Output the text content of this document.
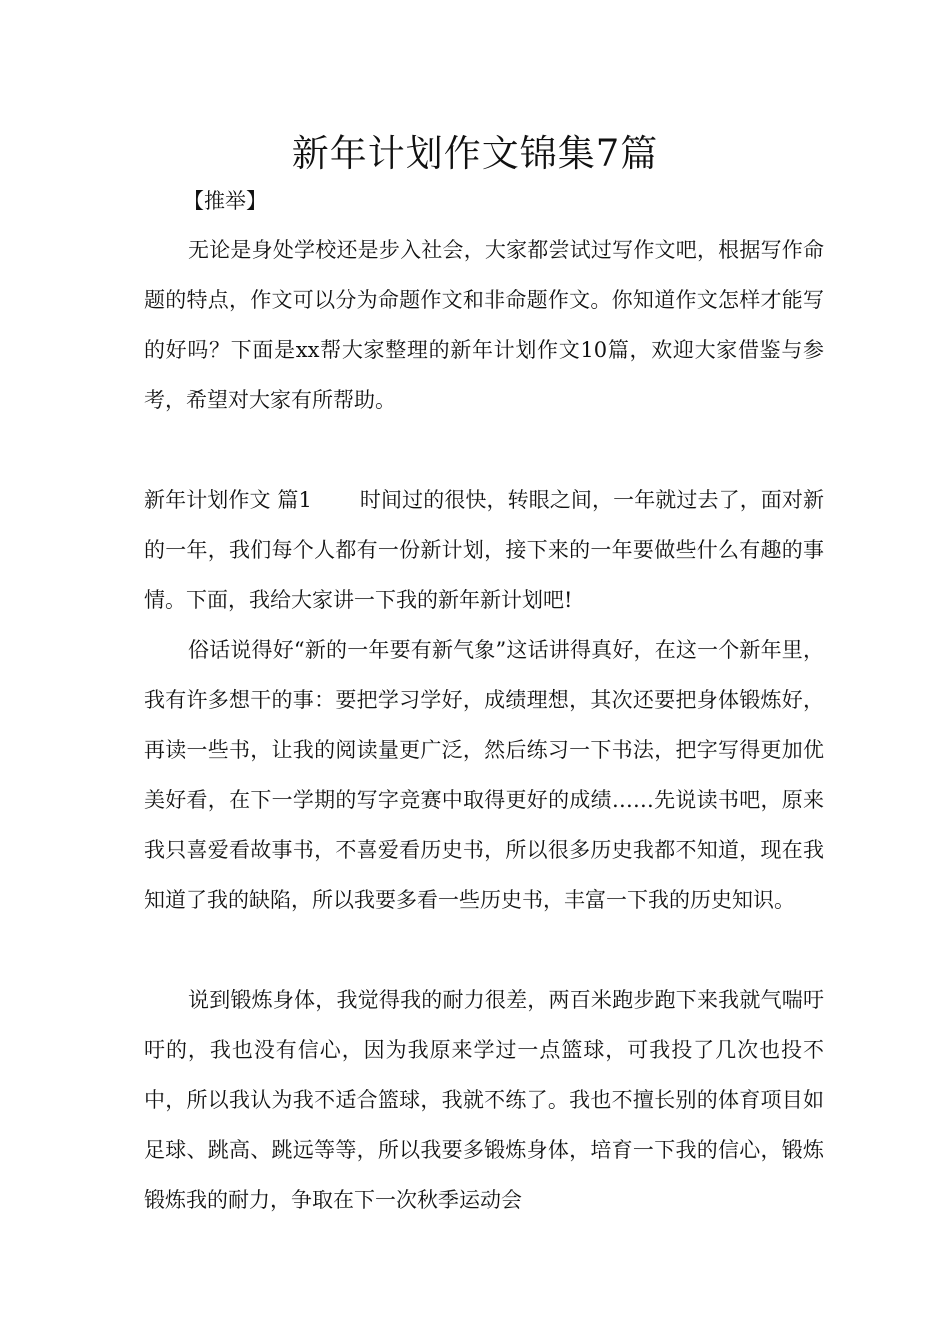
新年计划作文锦集7篇
【推举】

无论是身处学校还是步入社会，大家都尝试过写作文吧，根据写作命题的特点，作文可以分为命题作文和非命题作文。你知道作文怎样才能写的好吗？下面是xx帮大家整理的新年计划作文10篇，欢迎大家借鉴与参考，希望对大家有所帮助。

新年计划作文 篇1 时间过的很快，转眼之间，一年就过去了，面对新的一年，我们每个人都有一份新计划，接下来的一年要做些什么有趣的事情。下面，我给大家讲一下我的新年新计划吧!

俗话说得好“新的一年要有新气象”这话讲得真好，在这一个新年里，我有许多想干的事：要把学习学好，成绩理想，其次还要把身体锻炼好，再读一些书，让我的阅读量更广泛，然后练习一下书法，把字写得更加优美好看，在下一学期的写字竞赛中取得更好的成绩……先说读书吧，原来我只喜爱看故事书，不喜爱看历史书，所以很多历史我都不知道，现在我知道了我的缺陷，所以我要多看一些历史书，丰富一下我的历史知识。

说到锻炼身体，我觉得我的耐力很差，两百米跑步跑下来我就气喘吁吁的，我也没有信心，因为我原来学过一点篮球，可我投了几次也投不中，所以我认为我不适合篮球，我就不练了。我也不擅长别的体育项目如足球、跳高、跳远等等，所以我要多锻炼身体，培育一下我的信心，锻炼锻炼我的耐力，争取在下一次秋季运动会
